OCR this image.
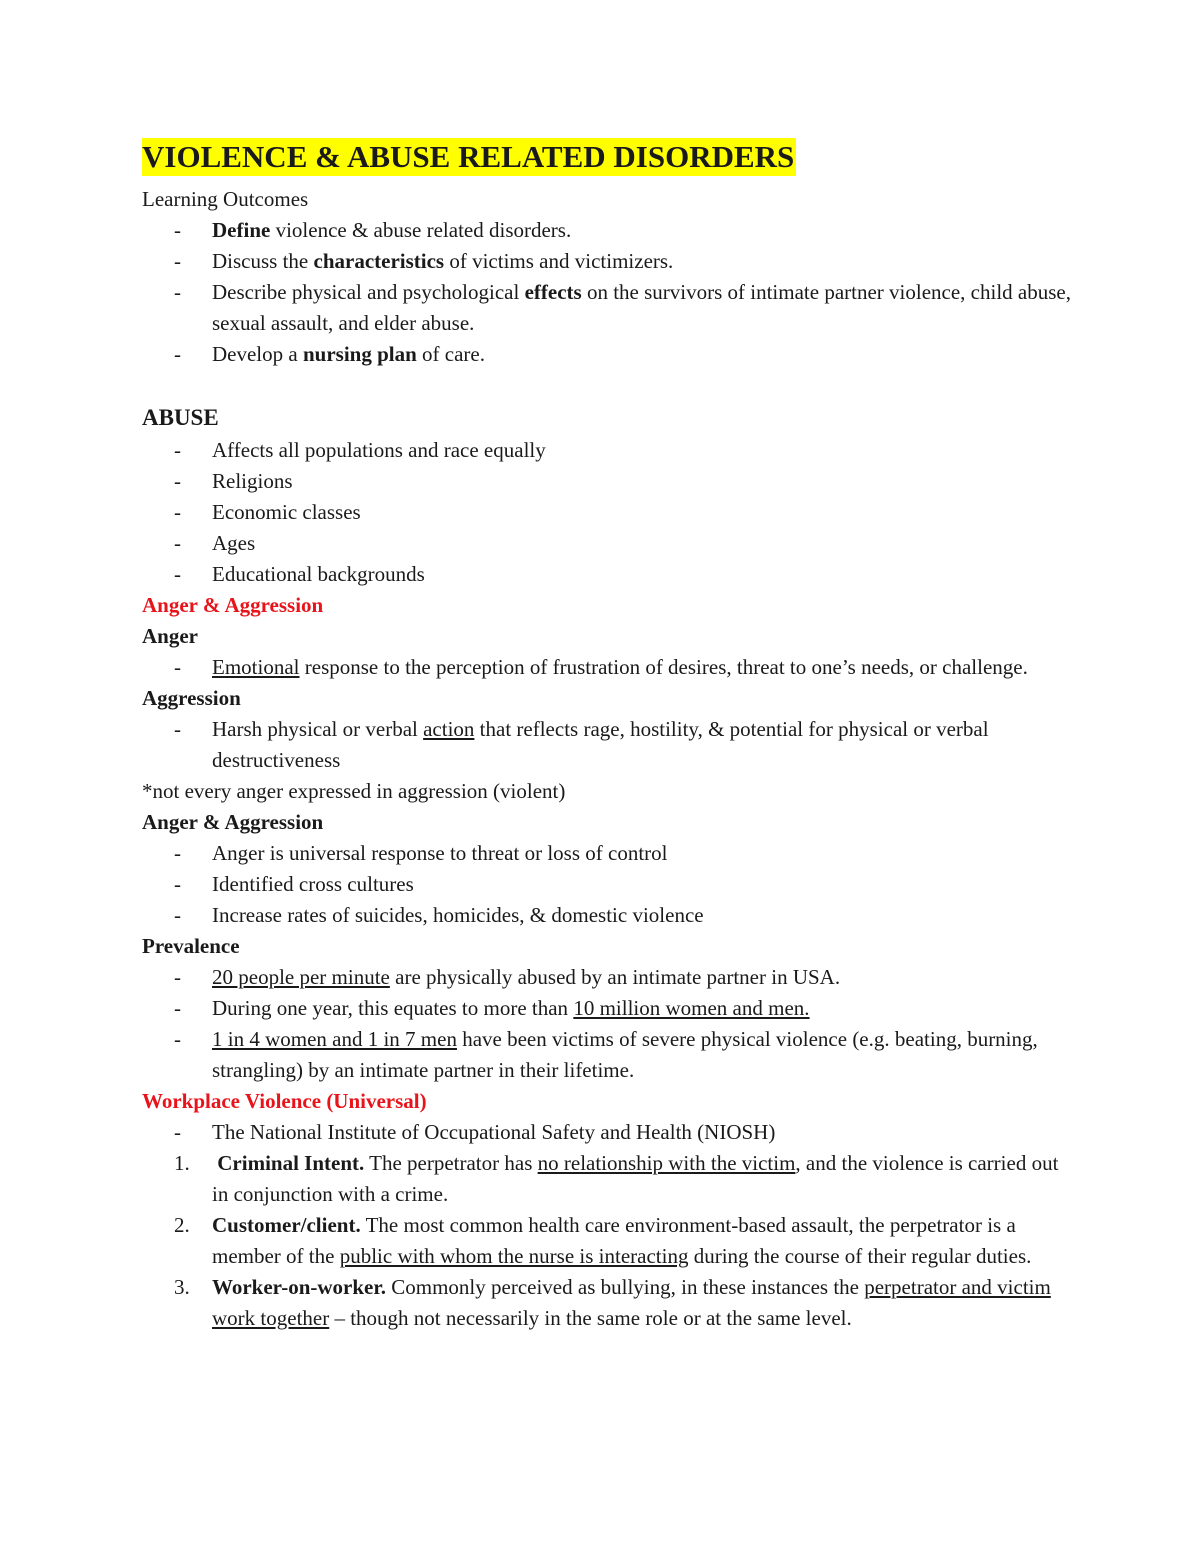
VIOLENCE & ABUSE RELATED DISORDERS
Learning Outcomes
-	Define violence & abuse related disorders.
-	Discuss the characteristics of victims and victimizers.
-	Describe physical and psychological effects on the survivors of intimate partner violence, child abuse, sexual assault, and elder abuse.
-	Develop a nursing plan of care.
ABUSE
-	Affects all populations and race equally
-	Religions
-	Economic classes
-	Ages
-	Educational backgrounds
Anger & Aggression
Anger
-	Emotional response to the perception of frustration of desires, threat to one’s needs, or challenge.
Aggression
-	Harsh physical or verbal action that reflects rage, hostility, & potential for physical or verbal destructiveness
*not every anger expressed in aggression (violent)
Anger & Aggression
-	Anger is universal response to threat or loss of control
-	Identified cross cultures
-	Increase rates of suicides, homicides, & domestic violence
Prevalence
-	20 people per minute are physically abused by an intimate partner in USA.
-	During one year, this equates to more than 10 million women and men.
-	1 in 4 women and 1 in 7 men have been victims of severe physical violence (e.g. beating, burning, strangling) by an intimate partner in their lifetime.
Workplace Violence (Universal)
-	The National Institute of Occupational Safety and Health (NIOSH)
1.	Criminal Intent. The perpetrator has no relationship with the victim, and the violence is carried out in conjunction with a crime.
2.	Customer/client. The most common health care environment-based assault, the perpetrator is a member of the public with whom the nurse is interacting during the course of their regular duties.
3.	Worker-on-worker. Commonly perceived as bullying, in these instances the perpetrator and victim work together – though not necessarily in the same role or at the same level.
